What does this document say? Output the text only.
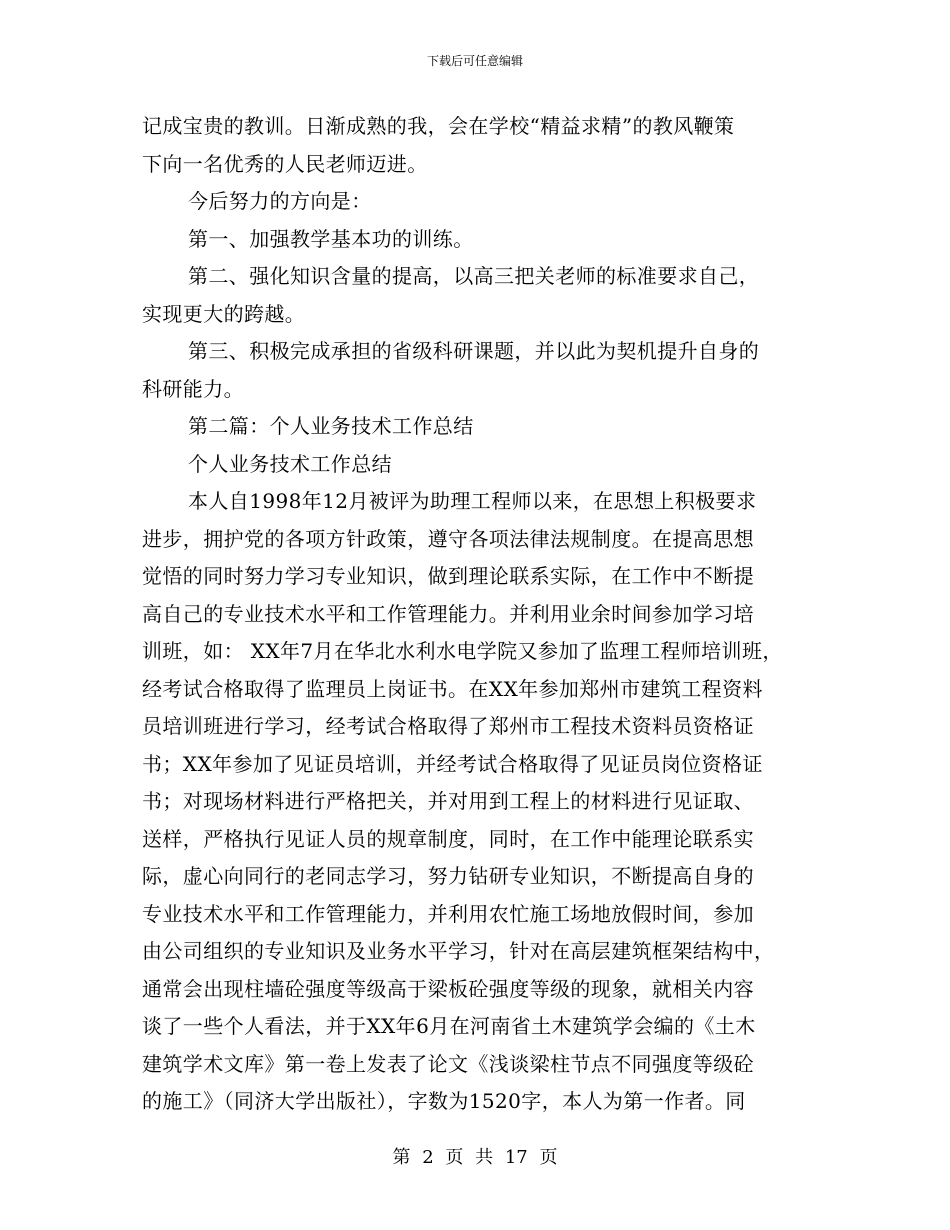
下载后可任意编辑
记成宝贵的教训。日渐成熟的我，会在学校“精益求精”的教风鞭策
下向一名优秀的人民老师迈进。
今后努力的方向是：
第一、加强教学基本功的训练。
第二、强化知识含量的提高，以高三把关老师的标准要求自己，
实现更大的跨越。
第三、积极完成承担的省级科研课题，并以此为契机提升自身的
科研能力。
第二篇：个人业务技术工作总结
个人业务技术工作总结
本人自1998年12月被评为助理工程师以来，在思想上积极要求
进步，拥护党的各项方针政策，遵守各项法律法规制度。在提高思想
觉悟的同时努力学习专业知识，做到理论联系实际，在工作中不断提
高自己的专业技术水平和工作管理能力。并利用业余时间参加学习培
训班，如： XX年7月在华北水利水电学院又参加了监理工程师培训班，
经考试合格取得了监理员上岗证书。在XX年参加郑州市建筑工程资料
员培训班进行学习，经考试合格取得了郑州市工程技术资料员资格证
书；XX年参加了见证员培训，并经考试合格取得了见证员岗位资格证
书；对现场材料进行严格把关，并对用到工程上的材料进行见证取、
送样，严格执行见证人员的规章制度，同时，在工作中能理论联系实
际，虚心向同行的老同志学习，努力钻研专业知识，不断提高自身的
专业技术水平和工作管理能力，并利用农忙施工场地放假时间，参加
由公司组织的专业知识及业务水平学习，针对在高层建筑框架结构中，
通常会出现柱墙砼强度等级高于梁板砼强度等级的现象，就相关内容
谈了一些个人看法，并于XX年6月在河南省土木建筑学会编的《土木
建筑学术文库》第一卷上发表了论文《浅谈梁柱节点不同强度等级砼
的施工》（同济大学出版社），字数为1520字，本人为第一作者。同
第 2 页 共 17 页
